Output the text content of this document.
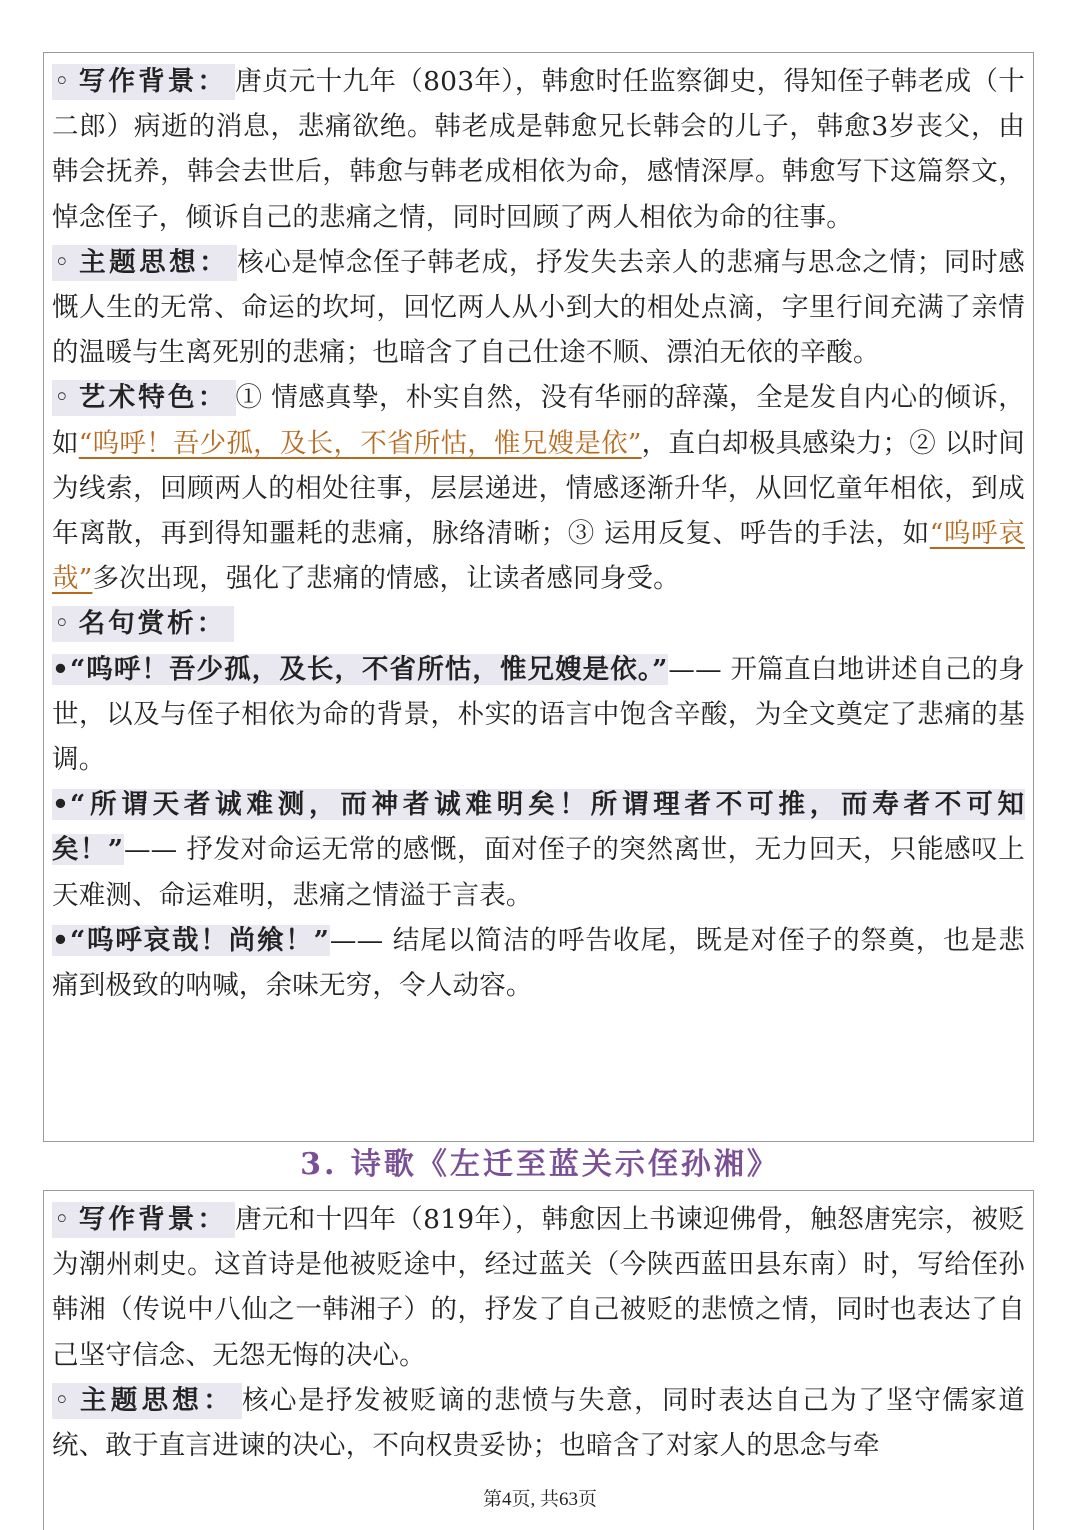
◦ 写作背景： 唐贞元十九年（803年），韩愈时任监察御史，得知侄子韩老成（十二郎）病逝的消息，悲痛欲绝。韩老成是韩愈兄长韩会的儿子，韩愈3岁丧父，由韩会抚养，韩会去世后，韩愈与韩老成相依为命，感情深厚。韩愈写下这篇祭文，悼念侄子，倾诉自己的悲痛之情，同时回顾了两人相依为命的往事。

◦ 主题思想： 核心是悼念侄子韩老成，抒发失去亲人的悲痛与思念之情；同时感慨人生的无常、命运的坎坷，回忆两人从小到大的相处点滴，字里行间充满了亲情的温暖与生离死别的悲痛；也暗含了自己仕途不顺、漂泊无依的辛酸。

◦ 艺术特色： ① 情感真挚，朴实自然，没有华丽的辞藻，全是发自内心的倾诉，如“呜呼！吾少孤，及长，不省所怙，惟兄嫂是依”，直白却极具感染力；② 以时间为线索，回顾两人的相处往事，层层递进，情感逐渐升华，从回忆童年相依，到成年离散，再到得知噩耗的悲痛，脉络清晰；③ 运用反复、呼告的手法，如“呜呼哀哉”多次出现，强化了悲痛的情感，让读者感同身受。

◦ 名句赏析：

•“呜呼！吾少孤，及长，不省所怙，惟兄嫂是依。”—— 开篇直白地讲述自己的身世，以及与侄子相依为命的背景，朴实的语言中饱含辛酸，为全文奠定了悲痛的基调。

•“所谓天者诚难测，而神者诚难明矣！所谓理者不可推，而寿者不可知矣！”—— 抒发对命运无常的感慨，面对侄子的突然离世，无力回天，只能感叹上天难测、命运难明，悲痛之情溢于言表。

•“呜呼哀哉！尚飨！”—— 结尾以简洁的呼告收尾，既是对侄子的祭奠，也是悲痛到极致的呐喊，余味无穷，令人动容。

3. 诗歌《左迁至蓝关示侄孙湘》

◦ 写作背景： 唐元和十四年（819年），韩愈因上书谏迎佛骨，触怒唐宪宗，被贬为潮州刺史。这首诗是他被贬途中，经过蓝关（今陕西蓝田县东南）时，写给侄孙韩湘（传说中八仙之一韩湘子）的，抒发了自己被贬的悲愤之情，同时也表达了自己坚守信念、无怨无悔的决心。

◦ 主题思想： 核心是抒发被贬谪的悲愤与失意，同时表达自己为了坚守儒家道统、敢于直言进谏的决心，不向权贵妥协；也暗含了对家人的思念与牵

第4页, 共63页
